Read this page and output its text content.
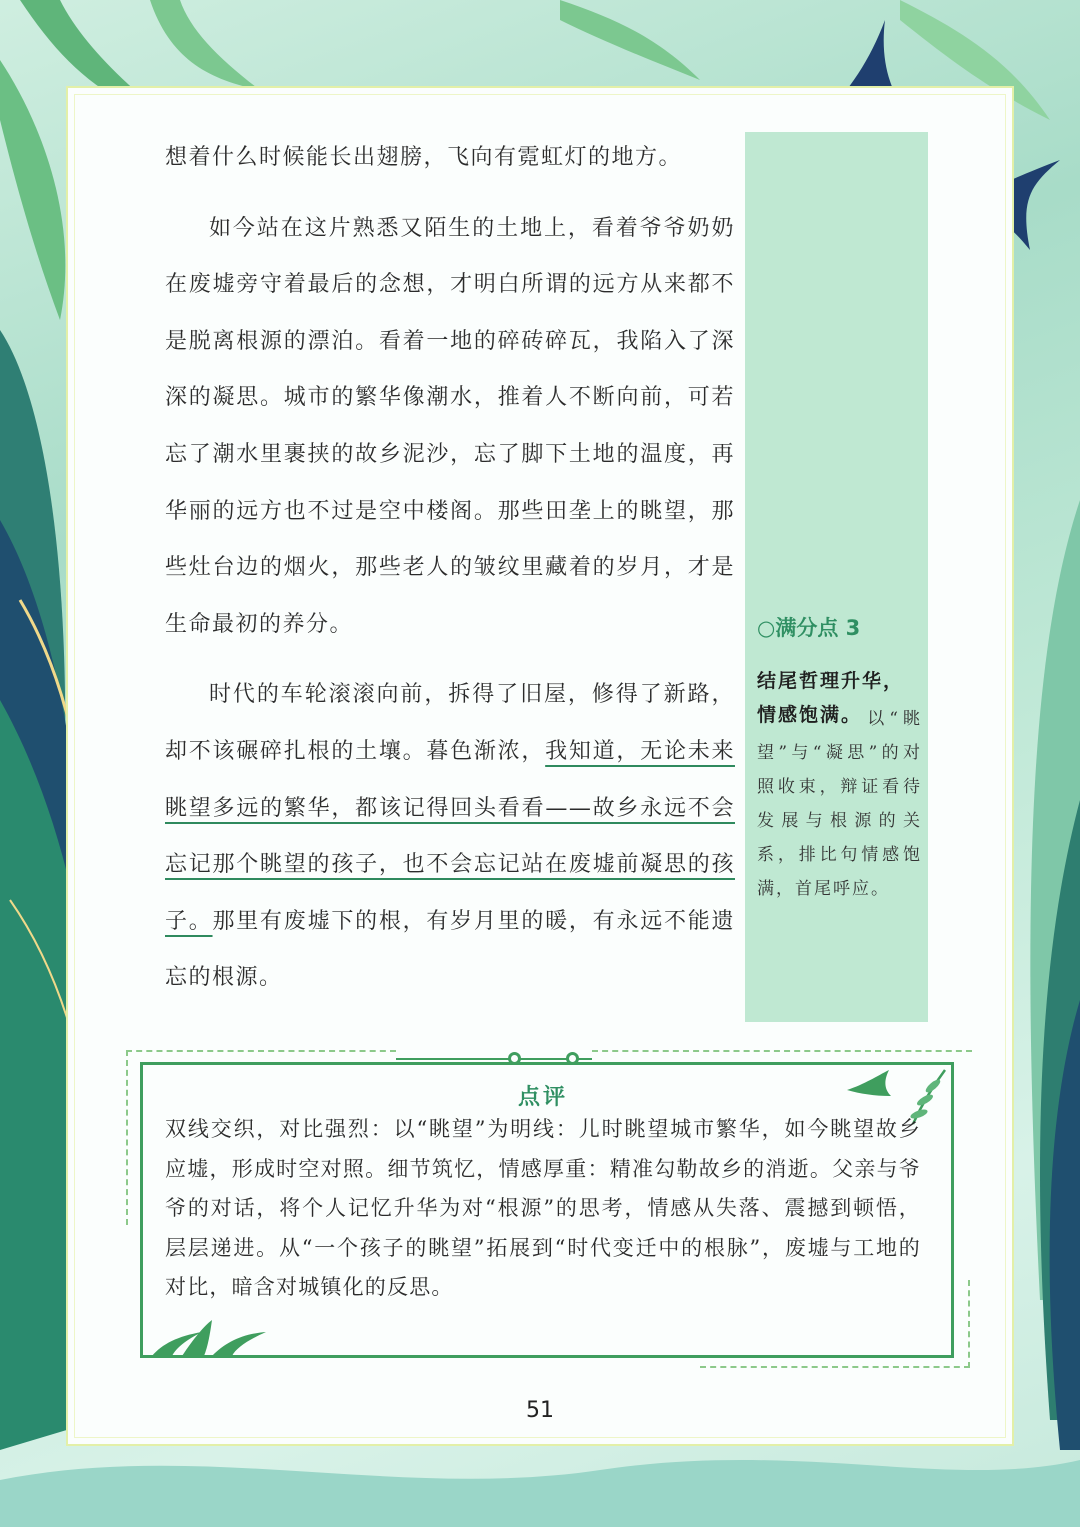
○满分点 3
结尾哲理升华，情感饱满。 以“眺望”与“凝思”的对照收束，辩证看待发展与根源的关系，排比句情感饱满，首尾呼应。

想着什么时候能长出翅膀，飞向有霓虹灯的地方。

如今站在这片熟悉又陌生的土地上，看着爷爷奶奶在废墟旁守着最后的念想，才明白所谓的远方从来都不是脱离根源的漂泊。看着一地的碎砖碎瓦，我陷入了深深的凝思。城市的繁华像潮水，推着人不断向前，可若忘了潮水里裹挟的故乡泥沙，忘了脚下土地的温度，再华丽的远方也不过是空中楼阁。那些田垄上的眺望，那些灶台边的烟火，那些老人的皱纹里藏着的岁月，才是生命最初的养分。

时代的车轮滚滚向前，拆得了旧屋，修得了新路，却不该碾碎扎根的土壤。暮色渐浓，我知道，无论未来眺望多远的繁华，都该记得回头看看——故乡永远不会忘记那个眺望的孩子，也不会忘记站在废墟前凝思的孩子。那里有废墟下的根，有岁月里的暖，有永远不能遗忘的根源。

点评
双线交织，对比强烈：以“眺望”为明线：儿时眺望城市繁华，如今眺望故乡应墟，形成时空对照。细节筑忆，情感厚重：精准勾勒故乡的消逝。父亲与爷爷的对话，将个人记忆升华为对“根源”的思考，情感从失落、震撼到顿悟，层层递进。从“一个孩子的眺望”拓展到“时代变迁中的根脉”，废墟与工地的对比，暗含对城镇化的反思。
51
